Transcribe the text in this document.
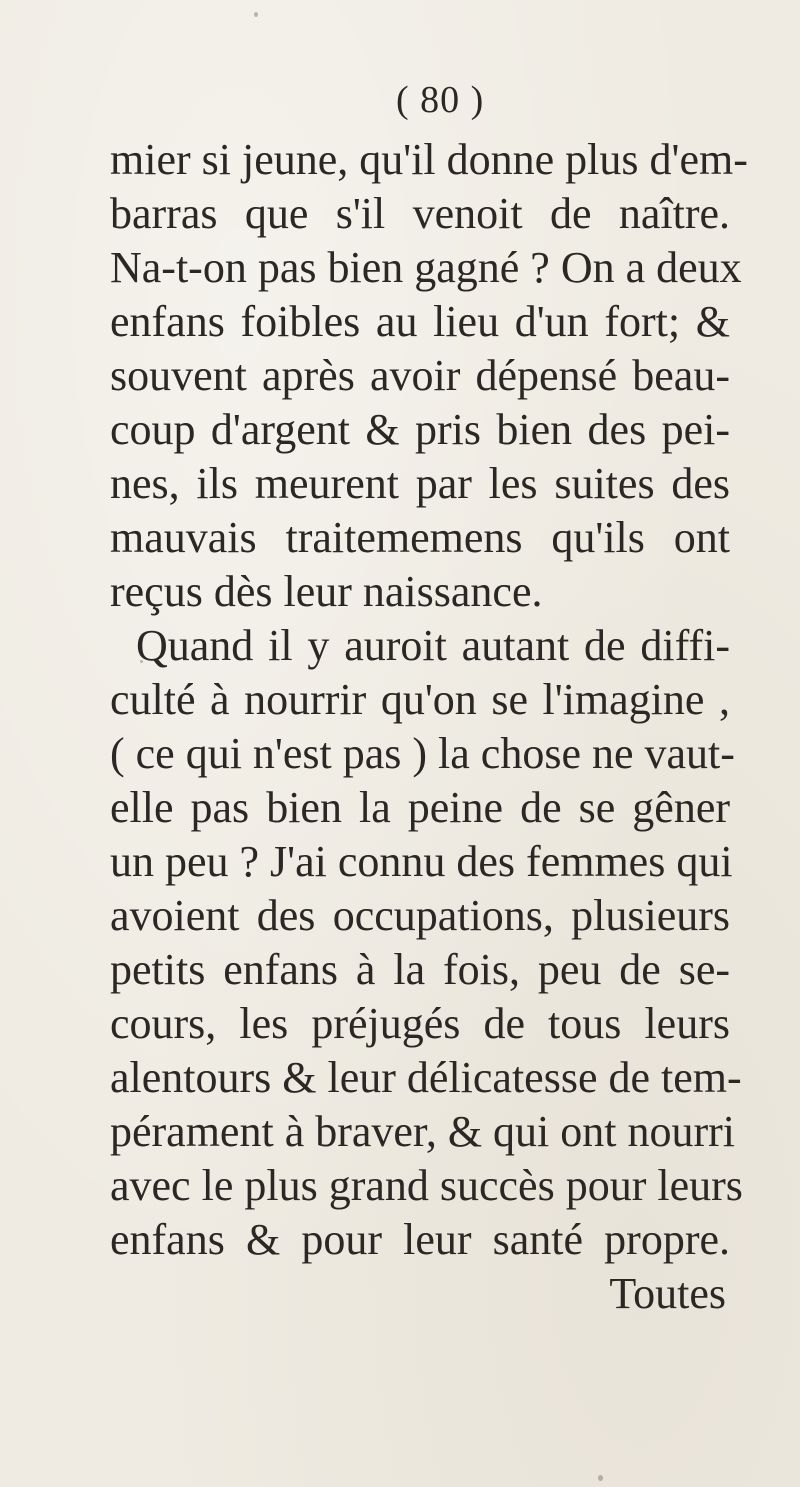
( 80 )
mier si jeune, qu'il donne plus d'em-
barras que s'il venoit de naître.
Na-t-on pas bien gagné ? On a deux
enfans foibles au lieu d'un fort; &
souvent après avoir dépensé beau-
coup d'argent & pris bien des pei-
nes, ils meurent par les suites des
mauvais traitememens qu'ils ont
reçus dès leur naissance.
Quand il y auroit autant de diffi-
culté à nourrir qu'on se l'imagine ,
( ce qui n'est pas ) la chose ne vaut-
elle pas bien la peine de se gêner
un peu ? J'ai connu des femmes qui
avoient des occupations, plusieurs
petits enfans à la fois, peu de se-
cours, les préjugés de tous leurs
alentours & leur délicatesse de tem-
pérament à braver, & qui ont nourri
avec le plus grand succès pour leurs
enfans & pour leur santé propre.
Toutes
